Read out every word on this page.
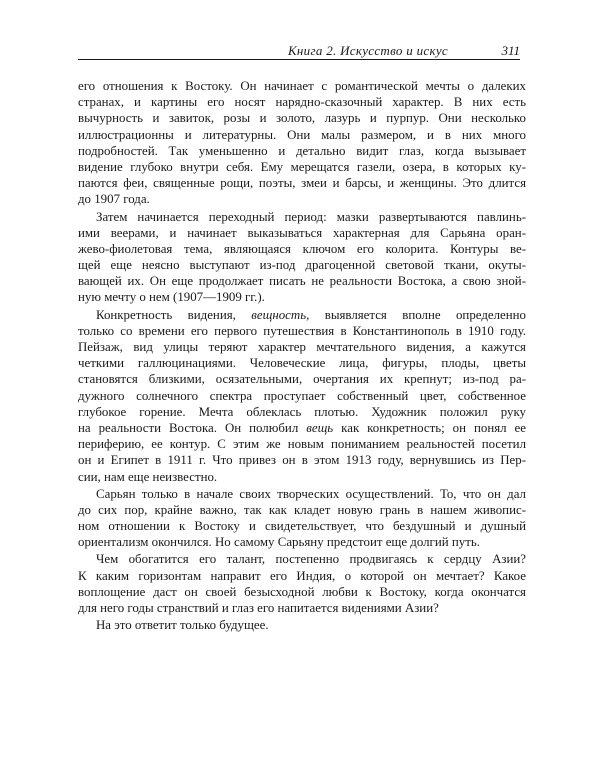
Книга 2. Искусство и искус	311
его отношения к Востоку. Он начинает с романтической мечты о далеких
странах, и картины его носят нарядно-сказочный характер. В них есть
вычурность и завиток, розы и золото, лазурь и пурпур. Они несколько
иллюстрационны и литературны. Они малы размером, и в них много
подробностей. Так уменьшенно и детально видит глаз, когда вызывает
видение глубоко внутри себя. Ему мерещатся газели, озера, в которых ку-
паются феи, священные рощи, поэты, змеи и барсы, и женщины. Это длится
до 1907 года.
Затем начинается переходный период: мазки развертываются павлинь-
ими веерами, и начинает выказываться характерная для Сарьяна оран-
жево-фиолетовая тема, являющаяся ключом его колорита. Контуры ве-
щей еще неясно выступают из-под драгоценной световой ткани, окуты-
вающей их. Он еще продолжает писать не реальности Востока, а свою зной-
ную мечту о нем (1907—1909 гг.).
Конкретность видения, вещность, выявляется вполне определенно
только со времени его первого путешествия в Константинополь в 1910 году.
Пейзаж, вид улицы теряют характер мечтательного видения, а кажутся
четкими галлюцинациями. Человеческие лица, фигуры, плоды, цветы
становятся близкими, осязательными, очертания их крепнут; из-под ра-
дужного солнечного спектра проступает собственный цвет, собственное
глубокое горение. Мечта облеклась плотью. Художник положил руку
на реальности Востока. Он полюбил вещь как конкретность; он понял ее
периферию, ее контур. С этим же новым пониманием реальностей посетил
он и Египет в 1911 г. Что привез он в этом 1913 году, вернувшись из Пер-
сии, нам еще неизвестно.
Сарьян только в начале своих творческих осуществлений. То, что он дал
до сих пор, крайне важно, так как кладет новую грань в нашем живопис-
ном отношении к Востоку и свидетельствует, что бездушный и душный
ориентализм окончился. Но самому Сарьяну предстоит еще долгий путь.
Чем обогатится его талант, постепенно продвигаясь к сердцу Азии?
К каким горизонтам направит его Индия, о которой он мечтает? Какое
воплощение даст он своей безысходной любви к Востоку, когда окончатся
для него годы странствий и глаз его напитается видениями Азии?
На это ответит только будущее.
